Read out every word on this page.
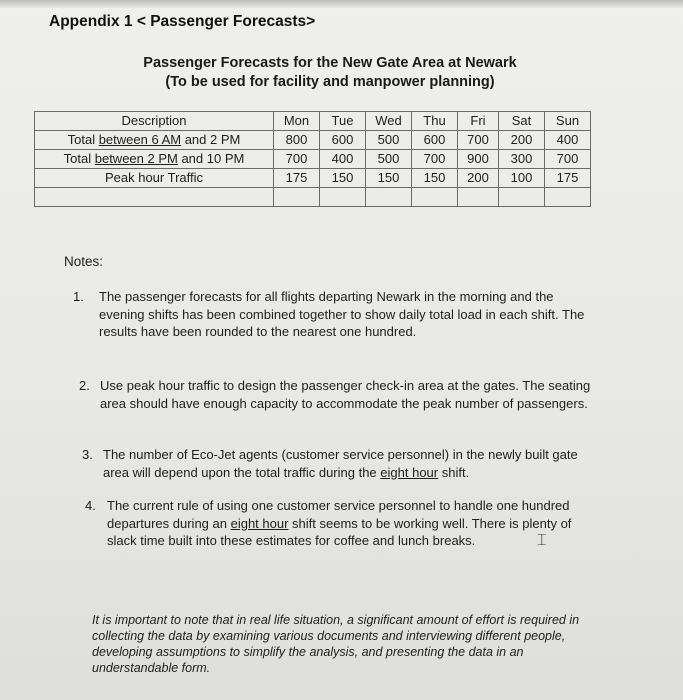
Appendix 1 < Passenger Forecasts>
Passenger Forecasts for the New Gate Area at Newark
(To be used for facility and manpower planning)
Description	Mon	Tue	Wed	Thu	Fri	Sat	Sun
Total between 6 AM and 2 PM	800	600	500	600	700	200	400
Total between 2 PM and 10 PM	700	400	500	700	900	300	700
Peak hour Traffic	175	150	150	150	200	100	175

Notes:
1. The passenger forecasts for all flights departing Newark in the morning and the evening shifts has been combined together to show daily total load in each shift. The results have been rounded to the nearest one hundred.
2. Use peak hour traffic to design the passenger check-in area at the gates. The seating area should have enough capacity to accommodate the peak number of passengers.
3. The number of Eco-Jet agents (customer service personnel) in the newly built gate area will depend upon the total traffic during the eight hour shift.
4. The current rule of using one customer service personnel to handle one hundred departures during an eight hour shift seems to be working well. There is plenty of slack time built into these estimates for coffee and lunch breaks.	⌶
It is important to note that in real life situation, a significant amount of effort is required in collecting the data by examining various documents and interviewing different people, developing assumptions to simplify the analysis, and presenting the data in an understandable form.
